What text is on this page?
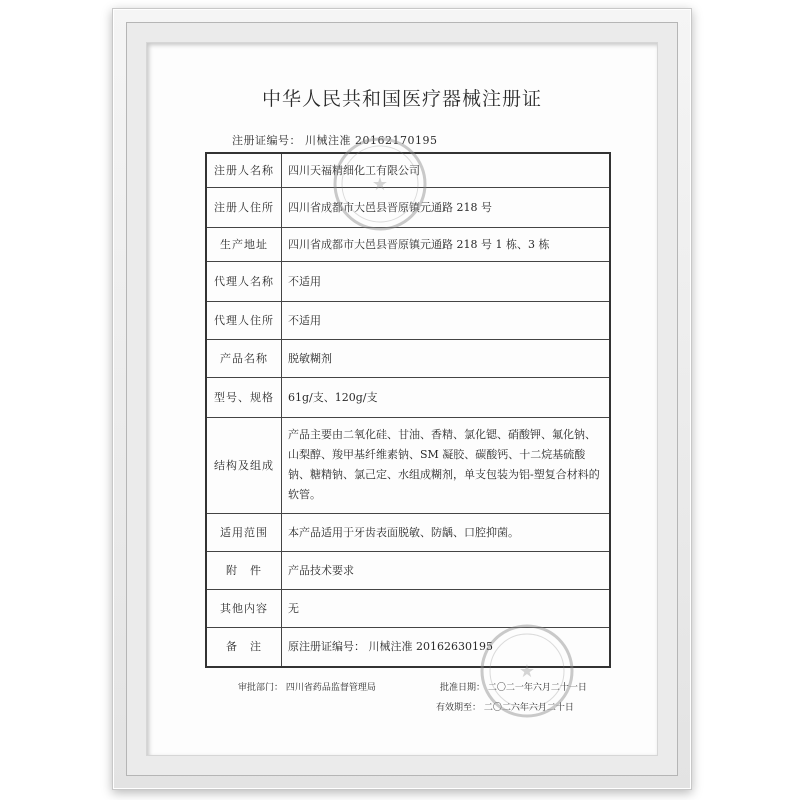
中华人民共和国医疗器械注册证
注册证编号： 川械注准 20162170195
注册人名称	四川天福精细化工有限公司
注册人住所	四川省成都市大邑县晋原镇元通路 218 号
生产地址	四川省成都市大邑县晋原镇元通路 218 号 1 栋、3 栋
代理人名称	不适用
代理人住所	不适用
产品名称	脱敏糊剂
型号、规格	61g/支、120g/支
结构及组成	产品主要由二氧化硅、甘油、香精、氯化锶、硝酸钾、氟化钠、山梨醇、羧甲基纤维素钠、SM 凝胶、碳酸钙、十二烷基硫酸钠、糖精钠、氯己定、水组成糊剂，单支包装为铝-塑复合材料的软管。
适用范围	本产品适用于牙齿表面脱敏、防龋、口腔抑菌。
附　件	产品技术要求
其他内容	无
备　注	原注册证编号： 川械注准 20162630195
审批部门： 四川省药品监督管理局	批准日期： 二〇二一年六月二十一日
有效期至： 二〇二六年六月二十日
★
★
